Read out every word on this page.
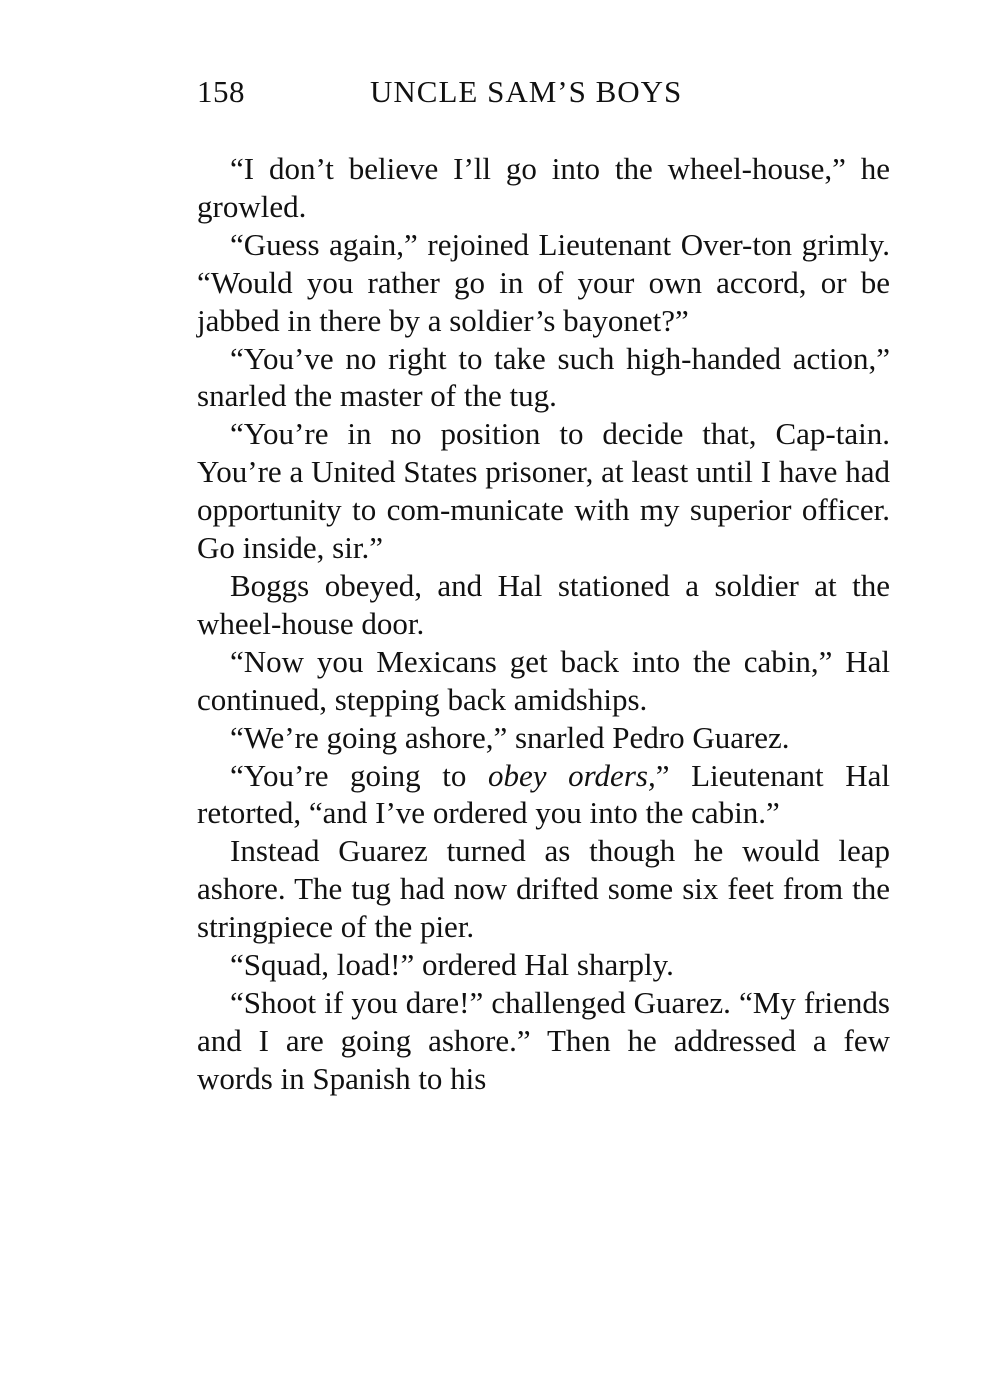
158	UNCLE SAM’S BOYS

“I don’t believe I’ll go into the wheel-house,” he growled.

“Guess again,” rejoined Lieutenant Over-ton grimly. “Would you rather go in of your own accord, or be jabbed in there by a soldier’s bayonet?”

“You’ve no right to take such high-handed action,” snarled the master of the tug.

“You’re in no position to decide that, Cap-tain. You’re a United States prisoner, at least until I have had opportunity to com-municate with my superior officer. Go inside, sir.”

Boggs obeyed, and Hal stationed a soldier at the wheel-house door.

“Now you Mexicans get back into the cabin,” Hal continued, stepping back amidships.

“We’re going ashore,” snarled Pedro Guarez.

“You’re going to obey orders,” Lieutenant Hal retorted, “and I’ve ordered you into the cabin.”

Instead Guarez turned as though he would leap ashore. The tug had now drifted some six feet from the stringpiece of the pier.

“Squad, load!” ordered Hal sharply.

“Shoot if you dare!” challenged Guarez. “My friends and I are going ashore.” Then he addressed a few words in Spanish to his
